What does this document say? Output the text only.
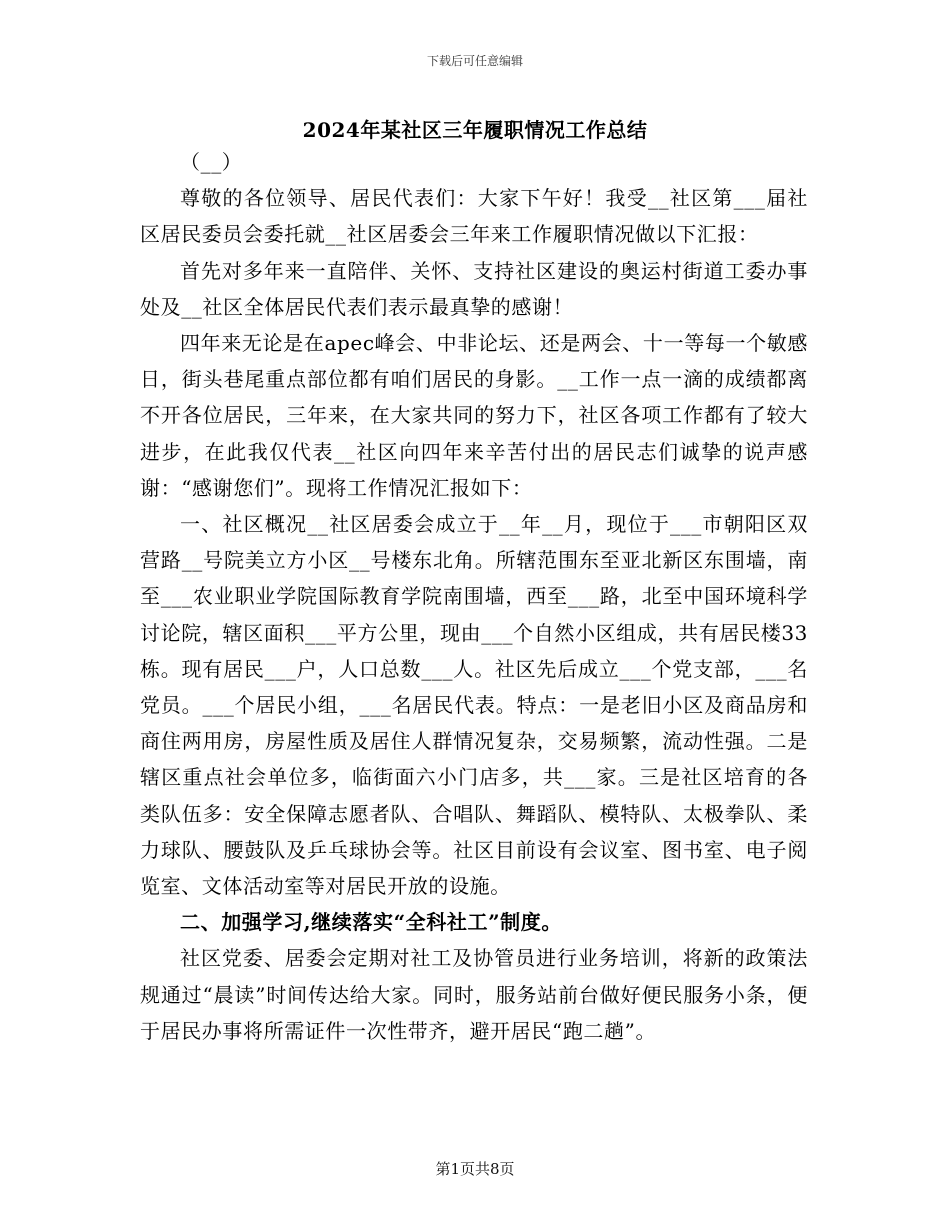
下载后可任意编辑
2024年某社区三年履职情况工作总结

（__）

尊敬的各位领导、居民代表们：大家下午好！我受__社区第___届社区居民委员会委托就__社区居委会三年来工作履职情况做以下汇报：

首先对多年来一直陪伴、关怀、支持社区建设的奥运村街道工委办事处及__社区全体居民代表们表示最真挚的感谢！

四年来无论是在apec峰会、中非论坛、还是两会、十一等每一个敏感日，街头巷尾重点部位都有咱们居民的身影。__工作一点一滴的成绩都离不开各位居民，三年来，在大家共同的努力下，社区各项工作都有了较大进步，在此我仅代表__社区向四年来辛苦付出的居民志们诚挚的说声感谢：“感谢您们”。现将工作情况汇报如下：

一、社区概况__社区居委会成立于__年__月，现位于___市朝阳区双营路__号院美立方小区__号楼东北角。所辖范围东至亚北新区东围墙，南至___农业职业学院国际教育学院南围墙，西至___路，北至中国环境科学讨论院，辖区面积___平方公里，现由___个自然小区组成，共有居民楼33栋。现有居民___户，人口总数___人。社区先后成立___个党支部，___名党员。___个居民小组，___名居民代表。特点：一是老旧小区及商品房和商住两用房，房屋性质及居住人群情况复杂，交易频繁，流动性强。二是辖区重点社会单位多，临街面六小门店多，共___家。三是社区培育的各类队伍多：安全保障志愿者队、合唱队、舞蹈队、模特队、太极拳队、柔力球队、腰鼓队及乒乓球协会等。社区目前设有会议室、图书室、电子阅览室、文体活动室等对居民开放的设施。

二、加强学习,继续落实“全科社工”制度。

社区党委、居委会定期对社工及协管员进行业务培训，将新的政策法规通过“晨读”时间传达给大家。同时，服务站前台做好便民服务小条，便于居民办事将所需证件一次性带齐，避开居民“跑二趟”。

第1页共8页
